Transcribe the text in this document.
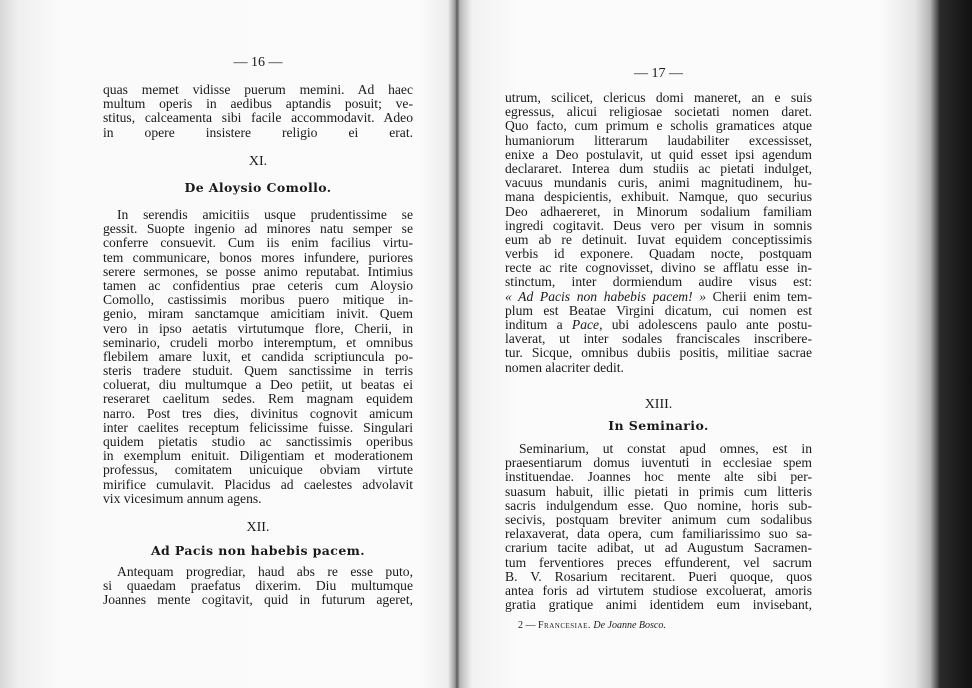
— 16 —
quas memet vidisse puerum memini. Ad haec
multum operis in aedibus aptandis posuit; ve-
stitus, calceamenta sibi facile accommodavit. Adeo
in opere insistere religio ei erat.
XI.
De Aloysio Comollo.
In serendis amicitiis usque prudentissime se
gessit. Suopte ingenio ad minores natu semper se
conferre consuevit. Cum iis enim facilius virtu-
tem communicare, bonos mores infundere, puriores
serere sermones, se posse animo reputabat. Intimius
tamen ac confidentius prae ceteris cum Aloysio
Comollo, castissimis moribus puero mitique in-
genio, miram sanctamque amicitiam inivit. Quem
vero in ipso aetatis virtutumque flore, Cherii, in
seminario, crudeli morbo interemptum, et omnibus
flebilem amare luxit, et candida scriptiuncula po-
steris tradere studuit. Quem sanctissime in terris
coluerat, diu multumque a Deo petiit, ut beatas ei
reseraret caelitum sedes. Rem magnam equidem
narro. Post tres dies, divinitus cognovit amicum
inter caelites receptum felicissime fuisse. Singulari
quidem pietatis studio ac sanctissimis operibus
in exemplum enituit. Diligentiam et moderationem
professus, comitatem unicuique obviam virtute
mirifice cumulavit. Placidus ad caelestes advolavit
vix vicesimum annum agens.
XII.
Ad Pacis non habebis pacem.
Antequam progrediar, haud abs re esse puto,
si quaedam praefatus dixerim. Diu multumque
Joannes mente cogitavit, quid in futurum ageret,
— 17 —
utrum, scilicet, clericus domi maneret, an e suis
egressus, alicui religiosae societati nomen daret.
Quo facto, cum primum e scholis gramatices atque
humaniorum litterarum laudabiliter excessisset,
enixe a Deo postulavit, ut quid esset ipsi agendum
declararet. Interea dum studiis ac pietati indulget,
vacuus mundanis curis, animi magnitudinem, hu-
mana despicientis, exhibuit. Namque, quo securius
Deo adhaereret, in Minorum sodalium familiam
ingredi cogitavit. Deus vero per visum in somnis
eum ab re detinuit. Iuvat equidem conceptissimis
verbis id exponere. Quadam nocte, postquam
recte ac rite cognovisset, divino se afflatu esse in-
stinctum, inter dormiendum audire visus est:
« Ad Pacis non habebis pacem! » Cherii enim tem-
plum est Beatae Virgini dicatum, cui nomen est
inditum a Pace, ubi adolescens paulo ante postu-
laverat, ut inter sodales franciscales inscribere-
tur. Sicque, omnibus dubiis positis, militiae sacrae
nomen alacriter dedit.
XIII.
In Seminario.
Seminarium, ut constat apud omnes, est in
praesentiarum domus iuventuti in ecclesiae spem
instituendae. Joannes hoc mente alte sibi per-
suasum habuit, illic pietati in primis cum litteris
sacris indulgendum esse. Quo nomine, horis sub-
secivis, postquam breviter animum cum sodalibus
relaxaverat, data opera, cum familiarissimo suo sa-
crarium tacite adibat, ut ad Augustum Sacramen-
tum ferventiores preces effunderent, vel sacrum
B. V. Rosarium recitarent. Pueri quoque, quos
antea foris ad virtutem studiose excoluerat, amoris
gratia gratique animi identidem eum invisebant,
2 — Francesiae. De Joanne Bosco.
